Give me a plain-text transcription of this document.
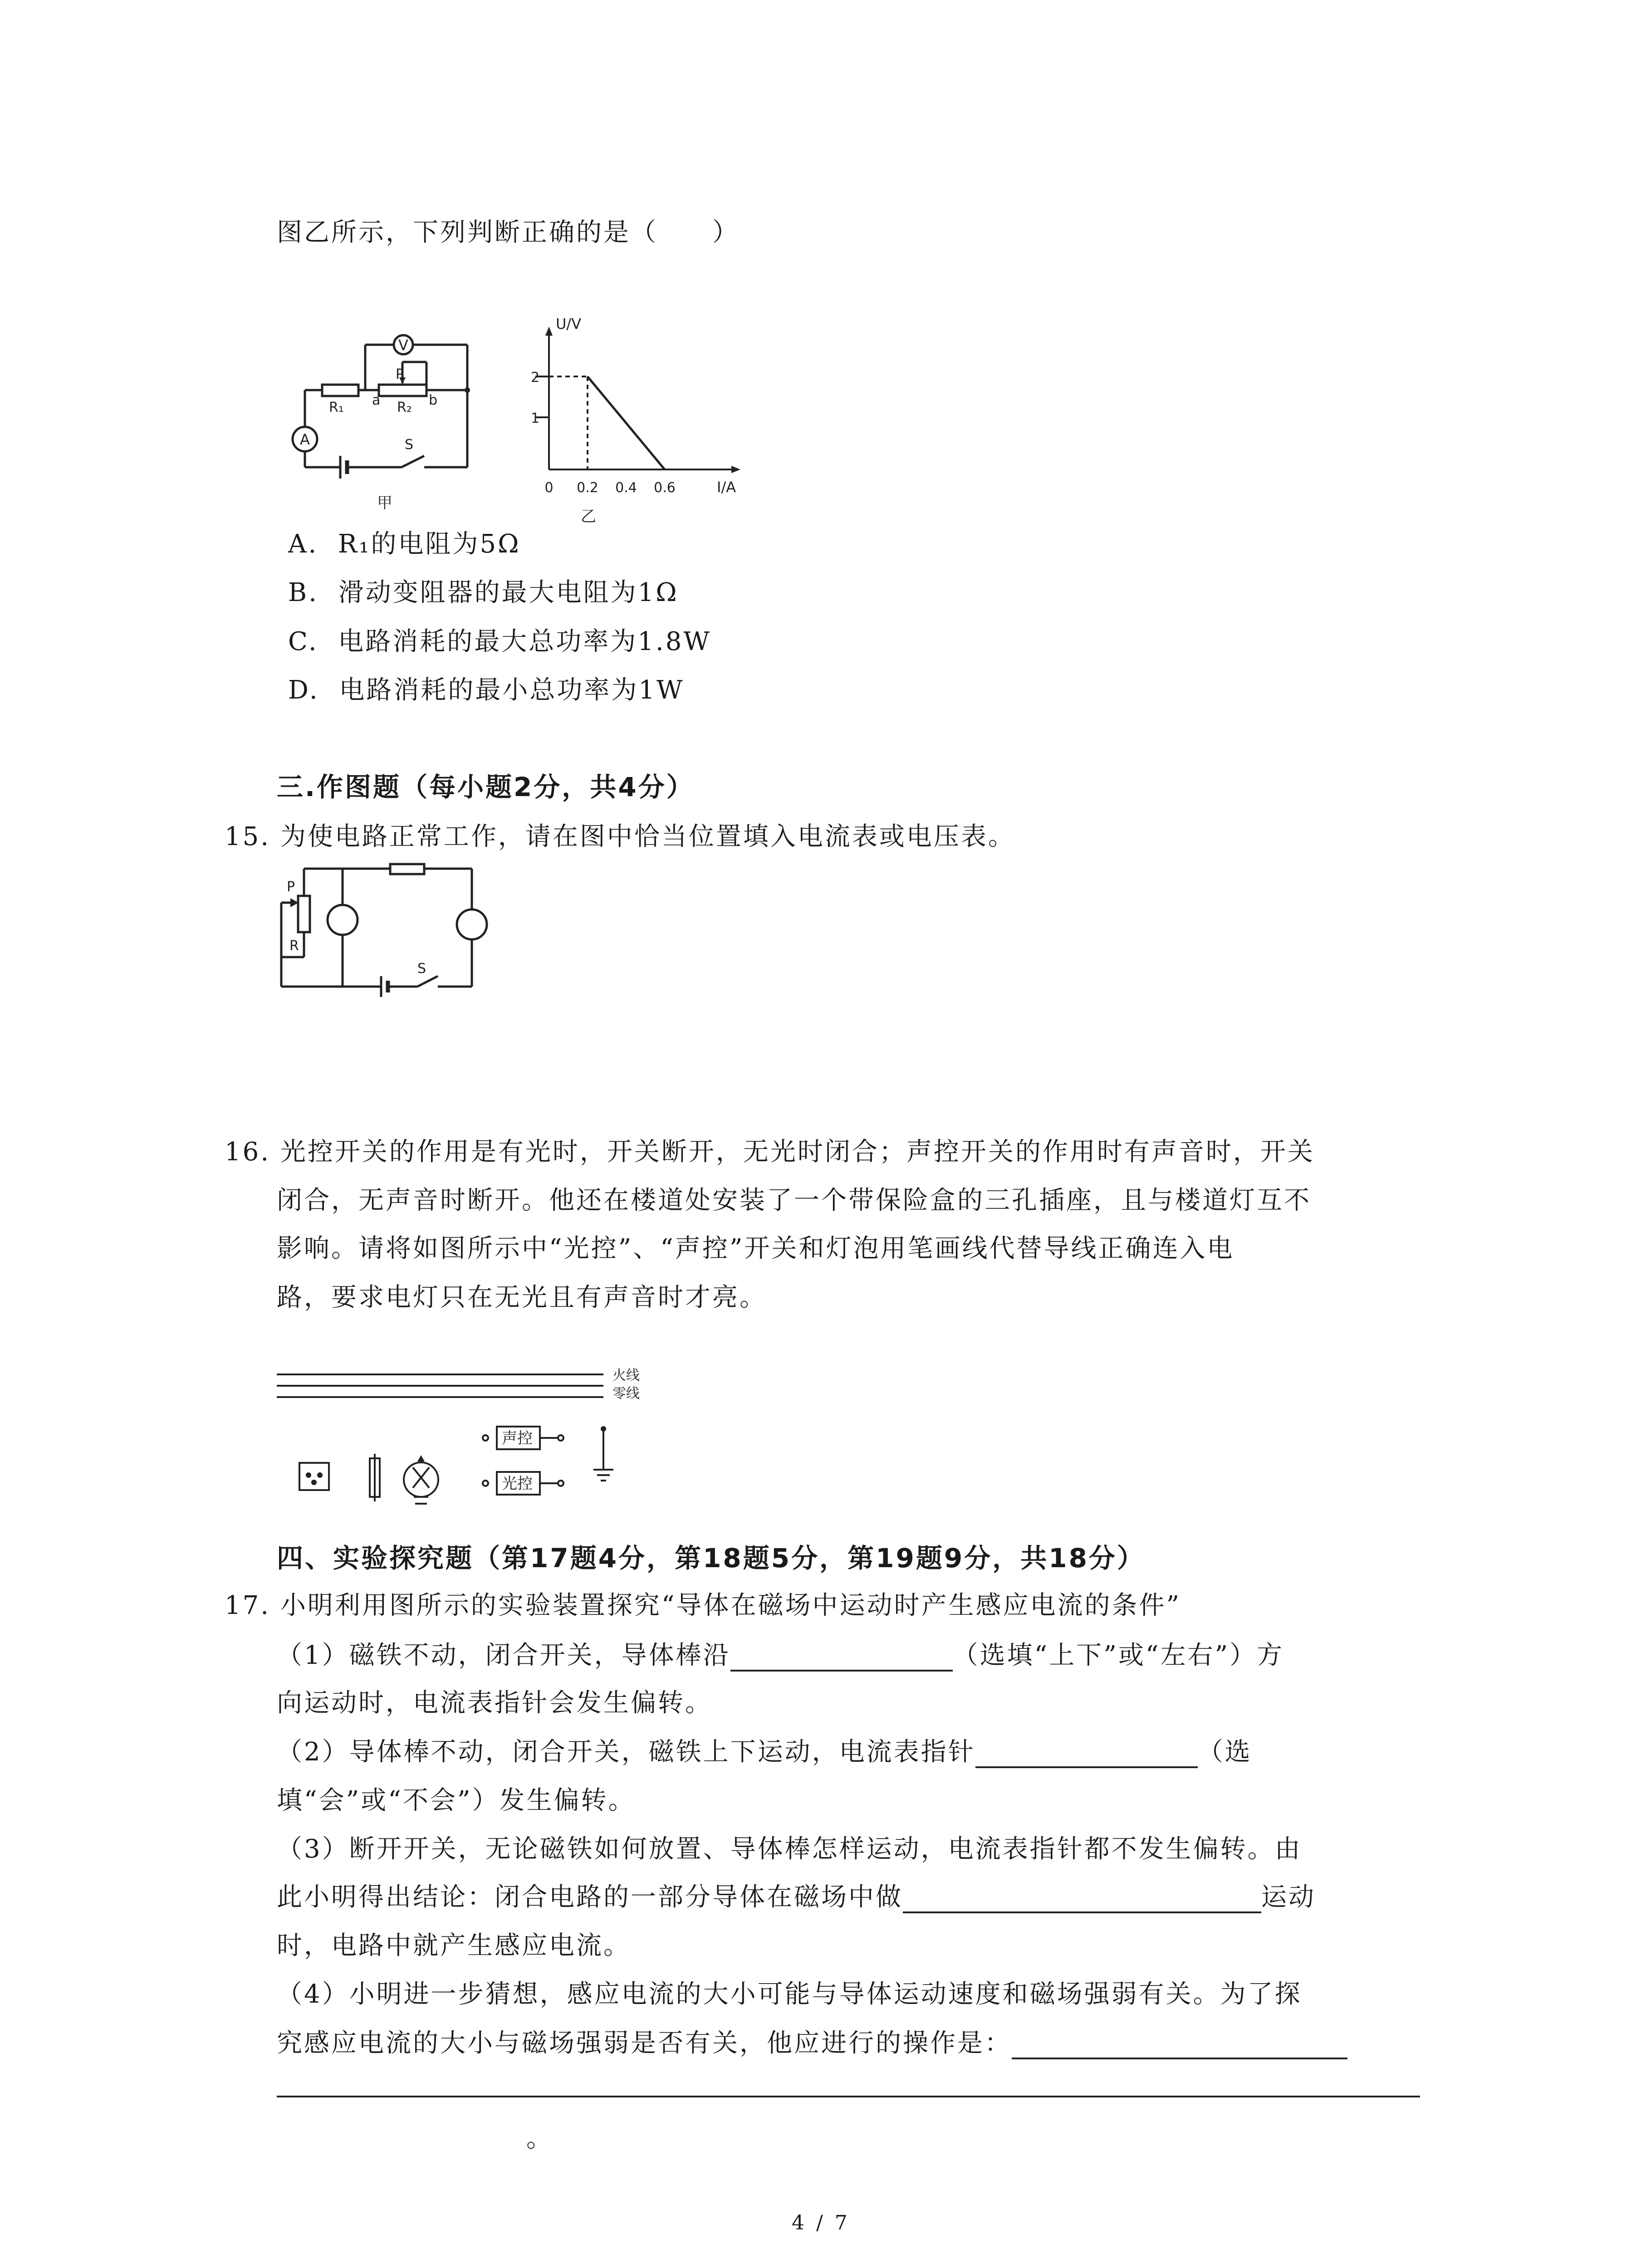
图乙所示，下列判断正确的是（　　）
V
A
P
R₁	R₂
a	b
S
甲
U/V
I/A
2
1
0 0.2 0.4 0.6
乙
A. R₁的电阻为5Ω
B. 滑动变阻器的最大电阻为1Ω
C. 电路消耗的最大总功率为1.8W
D. 电路消耗的最小总功率为1W
三.作图题（每小题2分，共4分）
15. 为使电路正常工作，请在图中恰当位置填入电流表或电压表。
P
R
S
16. 光控开关的作用是有光时，开关断开，无光时闭合；声控开关的作用时有声音时，开关
闭合，无声音时断开。他还在楼道处安装了一个带保险盒的三孔插座，且与楼道灯互不
影响。请将如图所示中“光控”、“声控”开关和灯泡用笔画线代替导线正确连入电
路，要求电灯只在无光且有声音时才亮。
火线
零线
声控
光控
四、实验探究题（第17题4分，第18题5分，第19题9分，共18分）
17. 小明利用图所示的实验装置探究“导体在磁场中运动时产生感应电流的条件”
（1）磁铁不动，闭合开关，导体棒沿	（选填“上下”或“左右”）方
向运动时，电流表指针会发生偏转。
（2）导体棒不动，闭合开关，磁铁上下运动，电流表指针	（选
填“会”或“不会”）发生偏转。
（3）断开开关，无论磁铁如何放置、导体棒怎样运动，电流表指针都不发生偏转。由
此小明得出结论：闭合电路的一部分导体在磁场中做	运动
时，电路中就产生感应电流。
（4）小明进一步猜想，感应电流的大小可能与导体运动速度和磁场强弱有关。为了探
究感应电流的大小与磁场强弱是否有关，他应进行的操作是：
。
4 / 7
